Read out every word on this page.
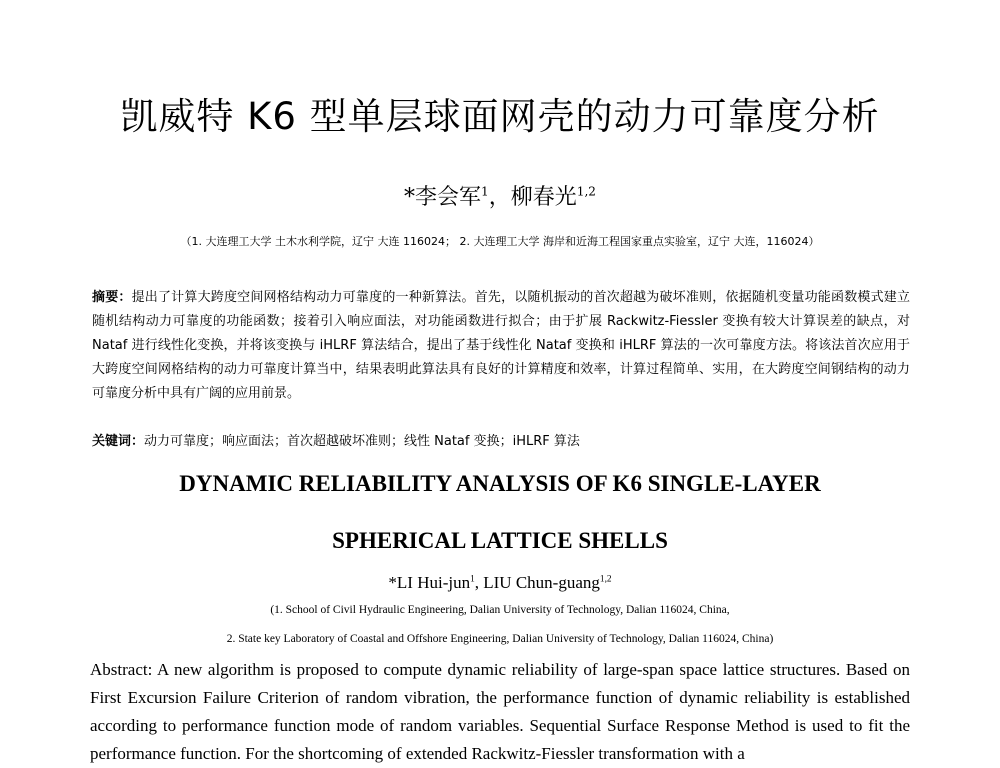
凯威特 K6 型单层球面网壳的动力可靠度分析
*李会军$^1$，柳春光$^{1,2}$
（1. 大连理工大学 土木水利学院，辽宁 大连 116024； 2. 大连理工大学 海岸和近海工程国家重点实验室，辽宁 大连，116024）
摘要：提出了计算大跨度空间网格结构动力可靠度的一种新算法。首先，以随机振动的首次超越为破坏准则，依据随机变量功能函数模式建立随机结构动力可靠度的功能函数；接着引入响应面法，对功能函数进行拟合；由于扩展 Rackwitz-Fiessler 变换有较大计算误差的缺点，对 Nataf 进行线性化变换，并将该变换与 iHLRF 算法结合，提出了基于线性化 Nataf 变换和 iHLRF 算法的一次可靠度方法。将该法首次应用于大跨度空间网格结构的动力可靠度计算当中，结果表明此算法具有良好的计算精度和效率，计算过程简单、实用，在大跨度空间钢结构的动力可靠度分析中具有广阔的应用前景。
关键词：动力可靠度；响应面法；首次超越破坏准则；线性 Nataf 变换；iHLRF 算法
DYNAMIC RELIABILITY ANALYSIS OF K6 SINGLE-LAYER
SPHERICAL LATTICE SHELLS
*LI Hui-jun$^1$, LIU Chun-guang$^{1,2}$
(1. School of Civil Hydraulic Engineering, Dalian University of Technology, Dalian 116024, China,
2. State key Laboratory of Coastal and Offshore Engineering, Dalian University of Technology, Dalian 116024, China)
Abstract: A new algorithm is proposed to compute dynamic reliability of large-span space lattice structures. Based on First Excursion Failure Criterion of random vibration, the performance function of dynamic reliability is established according to performance function mode of random variables. Sequential Surface Response Method is used to fit the performance function. For the shortcoming of extended Rackwitz-Fiessler transformation with a
